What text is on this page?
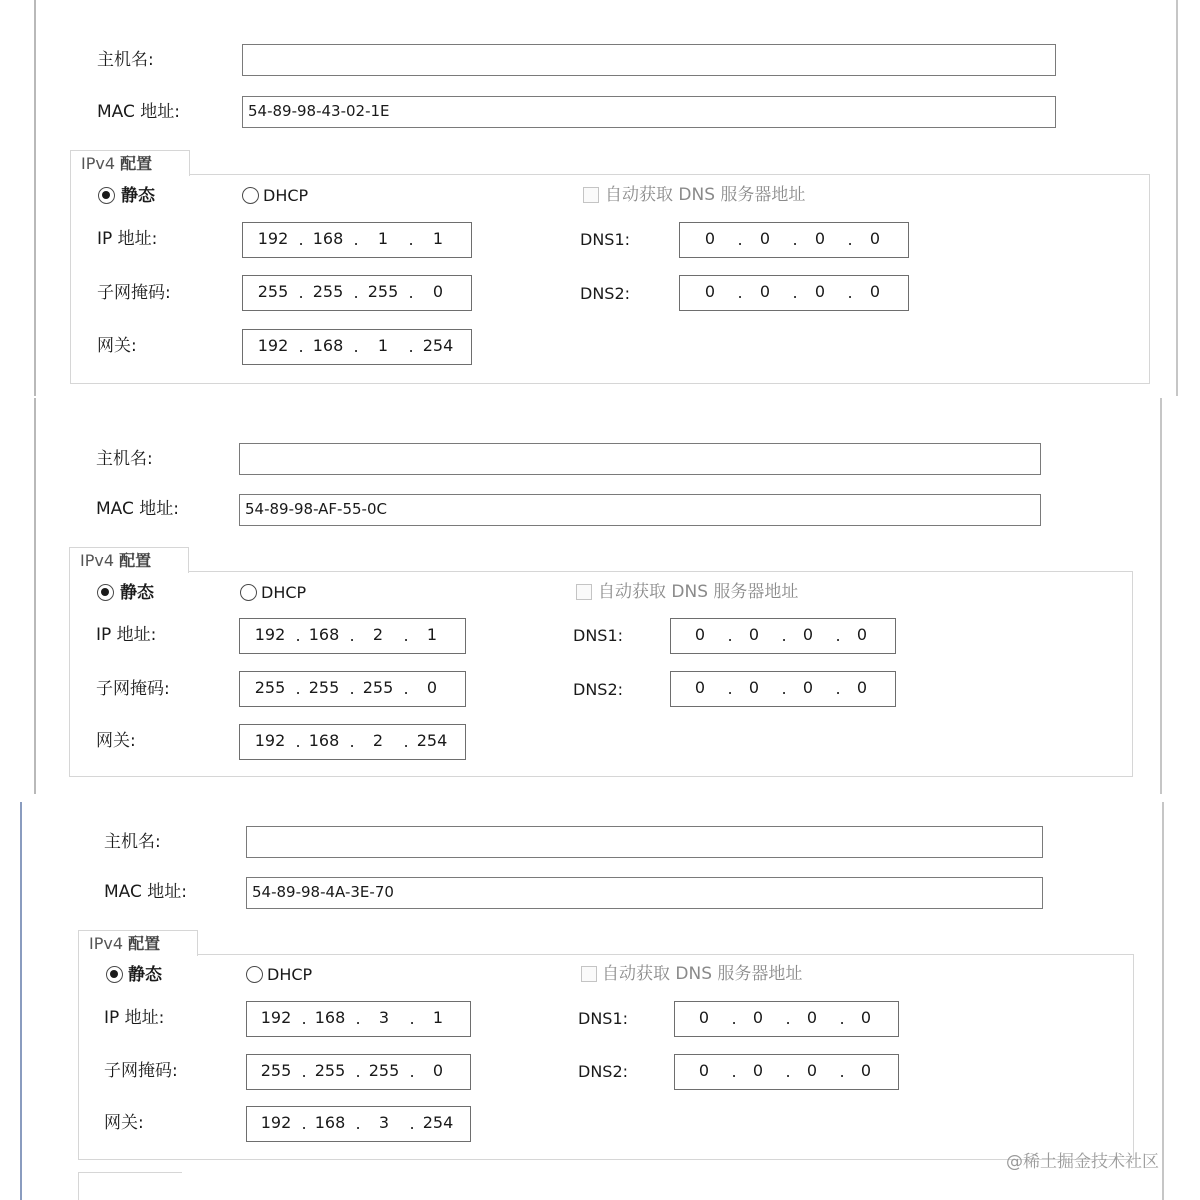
主机名:
MAC 地址:	54-89-98-43-02-1E
IPv4 配置
静态	DHCP	自动获取 DNS 服务器地址
IP 地址:	192 . 168 .	1	.	1	DNS1:	0	.	0	.	0	.	0
子网掩码:	255 . 255 . 255 .	0	DNS2:	0	.	0	.	0	.	0
网关:	192 . 168 .	1	. 254
主机名:
MAC 地址:	54-89-98-AF-55-0C
IPv4 配置
静态	DHCP	自动获取 DNS 服务器地址
IP 地址:	192 . 168 .	2	.	1	DNS1:	0	.	0	.	0	.	0
子网掩码:	255 . 255 . 255 .	0	DNS2:	0	.	0	.	0	.	0
网关:	192 . 168 .	2	. 254
主机名:
MAC 地址:	54-89-98-4A-3E-70
IPv4 配置
静态	DHCP	自动获取 DNS 服务器地址
IP 地址:	192 . 168 .	3	.	1	DNS1:	0	.	0	.	0	.	0
子网掩码:	255 . 255 . 255 .	0	DNS2:	0	.	0	.	0	.	0
网关:	192 . 168 .	3	. 254
@稀土掘金技术社区
